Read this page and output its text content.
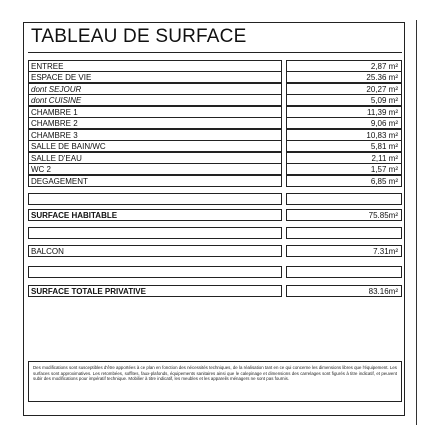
TABLEAU DE SURFACE
ENTREE	2,87 m²
ESPACE DE VIE	25.36 m²
dont SEJOUR	20,27 m²
dont CUISINE	5,09 m²
CHAMBRE 1	11,39 m²
CHAMBRE 2	9,06 m²
CHAMBRE 3	10,83 m²
SALLE DE BAIN/WC	5,81 m²
SALLE D'EAU	2,11 m²
WC 2	1,57 m²
DEGAGEMENT	6,85 m²
SURFACE HABITABLE	75.85m²
BALCON	7.31m²
SURFACE TOTALE PRIVATIVE	83.16m²
Des modifications sont susceptibles d'être apportées à ce plan en fonction des nécessités techniques, de la réalisation tant en ce qui concerne les dimensions libres que l'équipement. Les surfaces sont approximatives. Les retombées, soffites, faux-plafonds, équipements sanitaires ainsi que le calepinage et dimensions des carrelages sont figurés à titre indicatif, et peuvent subir des modifications pour impératif technique. Mobilier à titre indicatif, les meubles et les appareils ménagers ne sont pas fournis.
